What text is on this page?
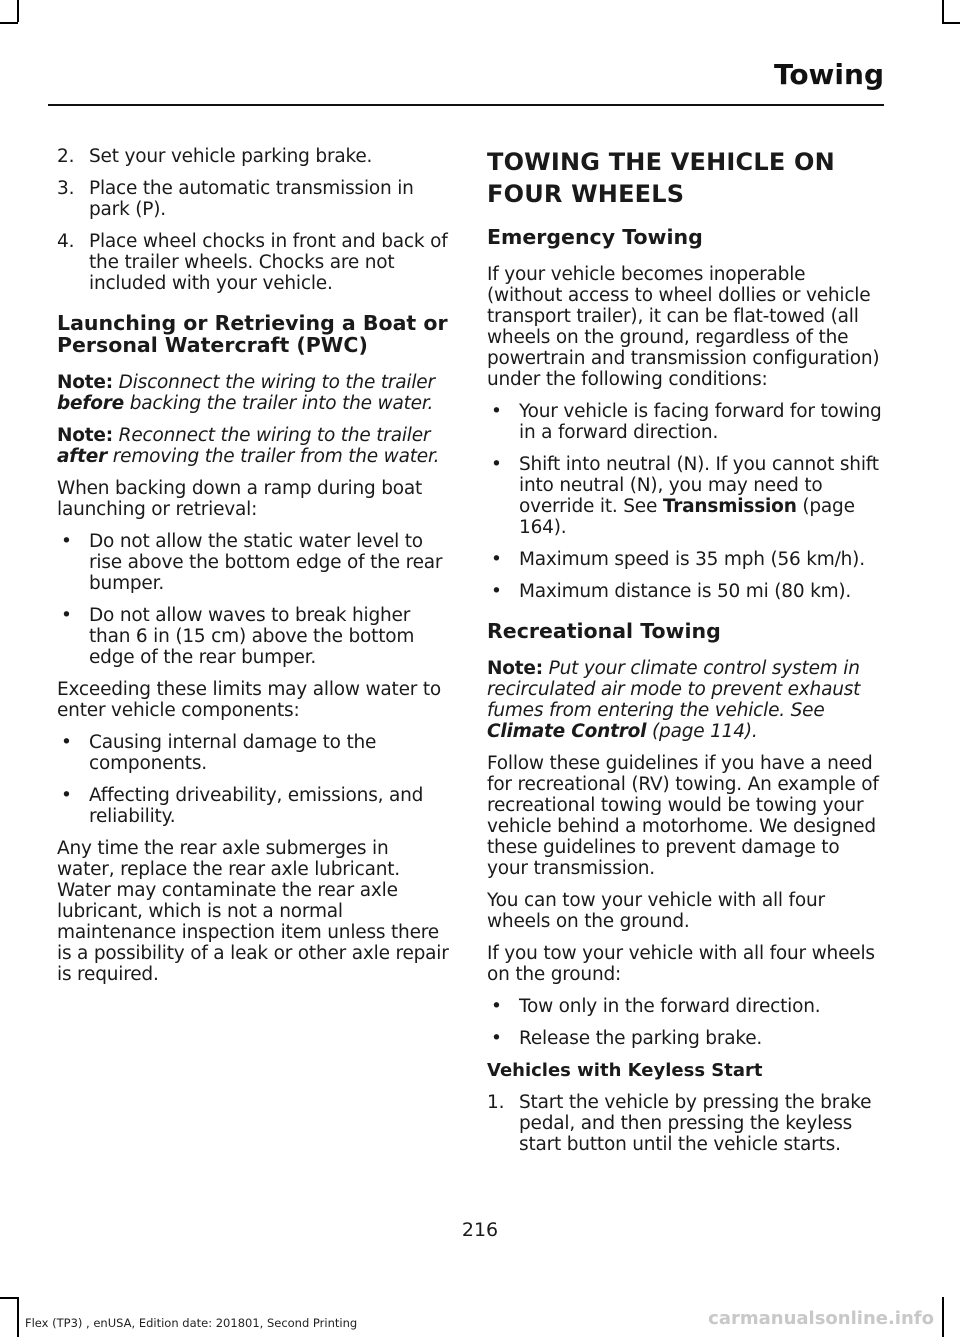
Towing
2. Set your vehicle parking brake.
3. Place the automatic transmission in park (P).
4. Place wheel chocks in front and back of the trailer wheels. Chocks are not included with your vehicle.
Launching or Retrieving a Boat or Personal Watercraft (PWC)

Note: Disconnect the wiring to the trailer before backing the trailer into the water.

Note: Reconnect the wiring to the trailer after removing the trailer from the water.

When backing down a ramp during boat launching or retrieval:

• Do not allow the static water level to rise above the bottom edge of the rear bumper.
• Do not allow waves to break higher than 6 in (15 cm) above the bottom edge of the rear bumper.

Exceeding these limits may allow water to enter vehicle components:

• Causing internal damage to the components.
• Affecting driveability, emissions, and reliability.

Any time the rear axle submerges in water, replace the rear axle lubricant. Water may contaminate the rear axle lubricant, which is not a normal maintenance inspection item unless there is a possibility of a leak or other axle repair is required.

TOWING THE VEHICLE ON
FOUR WHEELS
Emergency Towing

If your vehicle becomes inoperable (without access to wheel dollies or vehicle transport trailer), it can be flat-towed (all wheels on the ground, regardless of the powertrain and transmission configuration) under the following conditions:

• Your vehicle is facing forward for towing in a forward direction.
• Shift into neutral (N). If you cannot shift into neutral (N), you may need to override it. See Transmission (page 164).
• Maximum speed is 35 mph (56 km/h).
• Maximum distance is 50 mi (80 km).
Recreational Towing

Note: Put your climate control system in recirculated air mode to prevent exhaust fumes from entering the vehicle. See Climate Control (page 114).

Follow these guidelines if you have a need for recreational (RV) towing. An example of recreational towing would be towing your vehicle behind a motorhome. We designed these guidelines to prevent damage to your transmission.

You can tow your vehicle with all four wheels on the ground.

If you tow your vehicle with all four wheels on the ground:

• Tow only in the forward direction.
• Release the parking brake.
Vehicles with Keyless Start
1. Start the vehicle by pressing the brake pedal, and then pressing the keyless start button until the vehicle starts.
216
Flex (TP3) , enUSA, Edition date: 201801, Second Printing	carmanualsonline.info
